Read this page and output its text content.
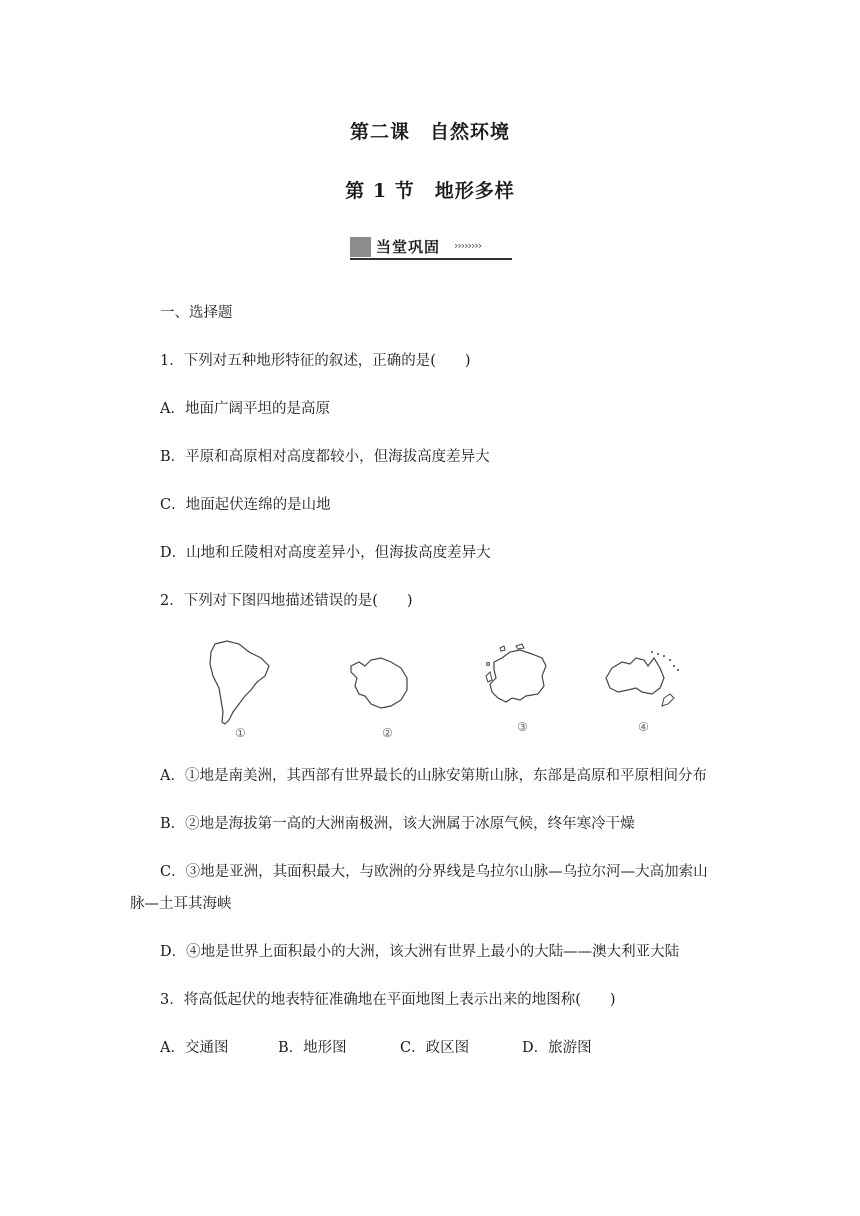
第二课　自然环境
第 1 节　地形多样
当堂巩固 ››››››››
一、选择题
1．下列对五种地形特征的叙述，正确的是(　　)
A．地面广阔平坦的是高原
B．平原和高原相对高度都较小，但海拔高度差异大
C．地面起伏连绵的是山地
D．山地和丘陵相对高度差异小，但海拔高度差异大
2．下列对下图四地描述错误的是(　　)
①	②	③	④
A．①地是南美洲，其西部有世界最长的山脉安第斯山脉，东部是高原和平原相间分布
B．②地是海拔第一高的大洲南极洲，该大洲属于冰原气候，终年寒冷干燥
C．③地是亚洲，其面积最大，与欧洲的分界线是乌拉尔山脉—乌拉尔河—大高加索山
脉—土耳其海峡
D．④地是世界上面积最小的大洲，该大洲有世界上最小的大陆——澳大利亚大陆
3．将高低起伏的地表特征准确地在平面地图上表示出来的地图称(　　)
A．交通图	B．地形图	C．政区图	D．旅游图
